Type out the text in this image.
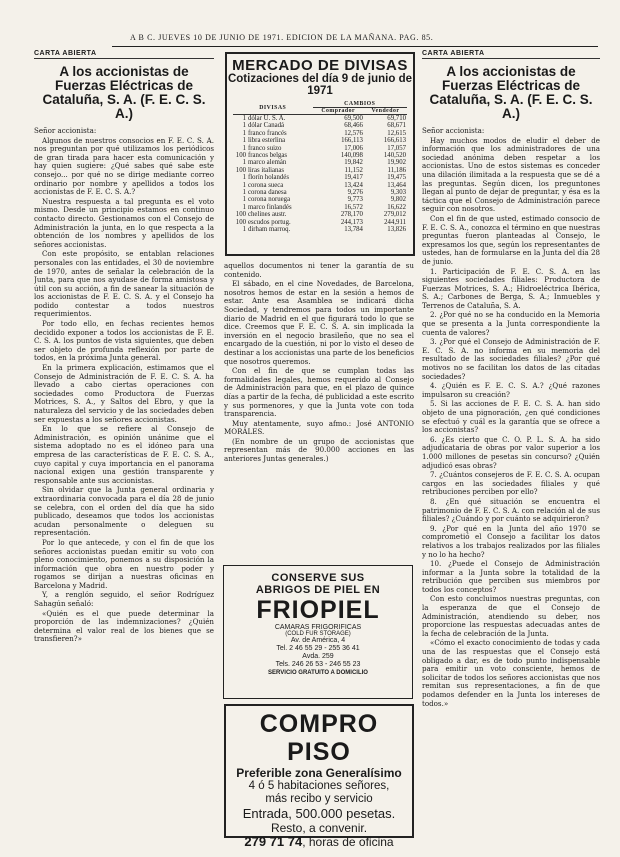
A B C. JUEVES 10 DE JUNIO DE 1971. EDICION DE LA MAÑANA. PAG. 85.
CARTA ABIERTA
A los accionistas de Fuerzas Eléctricas de Cataluña, S. A. (F. E. C. S. A.)

Señor accionista:

Algunos de nuestros consocios en F. E. C. S. A. nos preguntan por qué utilizamos los periódicos de gran tirada para hacer esta comunicación y hay quien sugiere: ¿Qué sabes qué sabe este consejo... por qué no se dirige mediante correo ordinario por nombre y apellidos a todos los accionistas de F. E. C. S. A.?

Nuestra respuesta a tal pregunta es el voto mismo. Desde un principio estamos en continuo contacto directo. Gestionamos con el Consejo de Administración la junta, en lo que respecta a la obtención de los nombres y apellidos de los señores accionistas.

Con este propósito, se entablan relaciones personales con las entidades, el 30 de noviembre de 1970, antes de señalar la celebración de la Junta, para que nos ayudase de forma amistosa y útil con su acción, a fin de sanear la situación de los accionistas de F. E. C. S. A. y el Consejo ha podido contestar a todos nuestros requerimientos.

Por todo ello, en fechas recientes hemos decidido exponer a todos los accionistas de F. E. C. S. A. los puntos de vista siguientes, que deben ser objeto de profunda reflexión por parte de todos, en la próxima Junta general.

En la primera explicación, estimamos que el Consejo de Administración de F. E. C. S. A. ha llevado a cabo ciertas operaciones con sociedades como Productora de Fuerzas Motrices, S. A., y Saltos del Ebro, y que la naturaleza del servicio y de las sociedades deben ser expuestas a los señores accionistas.

En lo que se refiere al Consejo de Administración, es opinión unánime que el sistema adoptado no es el idóneo para una empresa de las características de F. E. C. S. A., cuyo capital y cuya importancia en el panorama nacional exigen una gestión transparente y responsable ante sus accionistas.

Sin olvidar que la Junta general ordinaria y extraordinaria convocada para el día 28 de junio se celebra, con el orden del día que ha sido publicado, deseamos que todos los accionistas acudan personalmente o deleguen su representación.

Por lo que antecede, y con el fin de que los señores accionistas puedan emitir su voto con pleno conocimiento, ponemos a su disposición la información que obra en nuestro poder y rogamos se dirijan a nuestras oficinas en Barcelona y Madrid.

Y, a renglón seguido, el señor Rodríguez Sahagún señaló:

«Quién es el que puede determinar la proporción de las indemnizaciones? ¿Quién determina el valor real de los bienes que se transfieren?»

MERCADO DE DIVISAS
Cotizaciones del día 9 de junio de 1971
DIVISAS		CAMBIOS	
		Comprador	Vendedor
1	dólar U. S. A.	69,500	69,710
1	dólar Canadá	68,466	68,671
1	franco francés	12,576	12,615
1	libra esterlina	166,113	166,613
1	franco suizo	17,006	17,057
100	francos belgas	140,098	140,520
1	marco alemán	19,842	19,902
100	liras italianas	11,152	11,186
1	florín holandés	19,417	19,475
1	corona sueca	13,424	13,464
1	corona danesa	9,276	9,303
1	corona noruega	9,773	9,802
1	marco finlandés	16,572	16,622
100	chelines austr.	278,170	279,012
100	escudos portug.	244,173	244,911
1	dirham marroq.	13,784	13,826

aquellos documentos ni tener la garantía de su contenido.

El sábado, en el cine Novedades, de Barcelona, nosotros hemos de estar en la sesión a hemos de estar. Ante esa Asamblea se indicará dicha Sociedad, y tendremos para todos un importante diario de Madrid en el que figurará todo lo que se dice. Creemos que F. E. C. S. A. sin implicada la inversión en el negocio brasileño, que no sea el encargado de la cuestión, ni por lo visto el deseo de destinar a los accionistas una parte de los beneficios que nosotros queremos.

Con el fin de que se cumplan todas las formalidades legales, hemos requerido al Consejo de Administración para que, en el plazo de quince días a partir de la fecha, dé publicidad a este escrito y sus pormenores, y que la Junta vote con toda transparencia.

Muy atentamente, suyo afmo.: José ANTONIO MORALES.

(En nombre de un grupo de accionistas que representan más de 90.000 acciones en las anteriores Juntas generales.)

CONSERVE SUS
ABRIGOS DE PIEL EN
FRIOPIEL
CAMARAS FRIGORIFICAS
(COLD FUR STORAGE)
Av. de América, 4
Tel. 2 46 55 29 - 255 36 41
Avda. 259
Tels. 246 26 53 - 246 55 23
SERVICIO GRATUITO A DOMICILIO
COMPRO PISO
Preferible zona Generalísimo
4 ó 5 habitaciones señores,
más recibo y servicio
Entrada, 500.000 pesetas.
Resto, a convenir.
279 71 74, horas de oficina
CARTA ABIERTA
A los accionistas de Fuerzas Eléctricas de Cataluña, S. A. (F. E. C. S. A.)

Señor accionista:

Hay muchos modos de eludir el deber de información que los administradores de una sociedad anónima deben respetar a los accionistas. Uno de estos sistemas es conceder una dilación ilimitada a la respuesta que se dé a las preguntas. Según dicen, los preguntones llegan al punto de dejar de preguntar, y ésa es la táctica que el Consejo de Administración parece seguir con nosotros.

Con el fin de que usted, estimado consocio de F. E. C. S. A., conozca el término en que nuestras preguntas fueron planteadas al Consejo, le expresamos los que, según los representantes de ustedes, han de formularse en la Junta del día 28 de junio.

1. Participación de F. E. C. S. A. en las siguientes sociedades filiales: Productora de Fuerzas Motrices, S. A.; Hidroeléctrica Ibérica, S. A.; Carbones de Berga, S. A.; Inmuebles y Terrenos de Cataluña, S. A.

2. ¿Por qué no se ha conducido en la Memoria que se presenta a la Junta correspondiente la cuenta de valores?

3. ¿Por qué el Consejo de Administración de F. E. C. S. A. no informa en su memoria del resultado de las sociedades filiales? ¿Por qué motivos no se facilitan los datos de las citadas sociedades?

4. ¿Quién es F. E. C. S. A.? ¿Qué razones impulsaron su creación?

5. Si las acciones de F. E. C. S. A. han sido objeto de una pignoración, ¿en qué condiciones se efectuó y cuál es la garantía que se ofrece a los accionistas?

6. ¿Es cierto que C. O. P. L. S. A. ha sido adjudicataria de obras por valor superior a los 1.000 millones de pesetas sin concurso? ¿Quién adjudicó esas obras?

7. ¿Cuántos consejeros de F. E. C. S. A. ocupan cargos en las sociedades filiales y qué retribuciones perciben por ello?

8. ¿En qué situación se encuentra el patrimonio de F. E. C. S. A. con relación al de sus filiales? ¿Cuándo y por cuánto se adquirieron?

9. ¿Por qué en la Junta del año 1970 se comprometió el Consejo a facilitar los datos relativos a los trabajos realizados por las filiales y no lo ha hecho?

10. ¿Puede el Consejo de Administración informar a la Junta sobre la totalidad de la retribución que perciben sus miembros por todos los conceptos?

Con esto concluimos nuestras preguntas, con la esperanza de que el Consejo de Administración, atendiendo su deber, nos proporcione las respuestas adecuadas antes de la fecha de celebración de la Junta.

«Cómo el exacto conocimiento de todas y cada una de las respuestas que el Consejo está obligado a dar, es de todo punto indispensable para emitir un voto consciente, hemos de solicitar de todos los señores accionistas que nos remitan sus representaciones, a fin de que podamos defender en la Junta los intereses de todos.»
